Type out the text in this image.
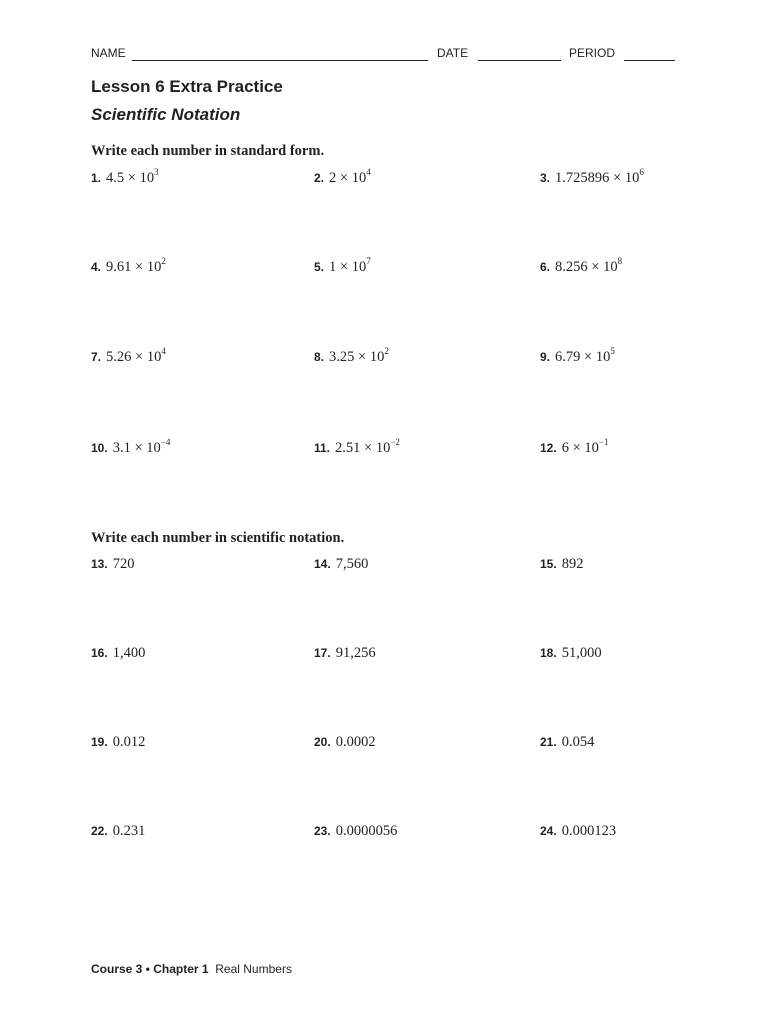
NAME	DATE	PERIOD
Lesson 6 Extra Practice
Scientific Notation
Write each number in standard form.
1. $4.5 \times 10^3$	2. $2 \times 10^4$	3. $1.725896 \times 10^6$
4. $9.61 \times 10^2$	5. $1 \times 10^7$	6. $8.256 \times 10^8$
7. $5.26 \times 10^4$	8. $3.25 \times 10^2$	9. $6.79 \times 10^5$
10. $3.1 \times 10^{-4}$	11. $2.51 \times 10^{-2}$	12. $6 \times 10^{-1}$
Write each number in scientific notation.
13. 720	14. 7,560	15. 892
16. 1,400	17. 91,256	18. 51,000
19. 0.012	20. 0.0002	21. 0.054
22. 0.231	23. 0.0000056	24. 0.000123
Course 3 • Chapter 1 Real Numbers
